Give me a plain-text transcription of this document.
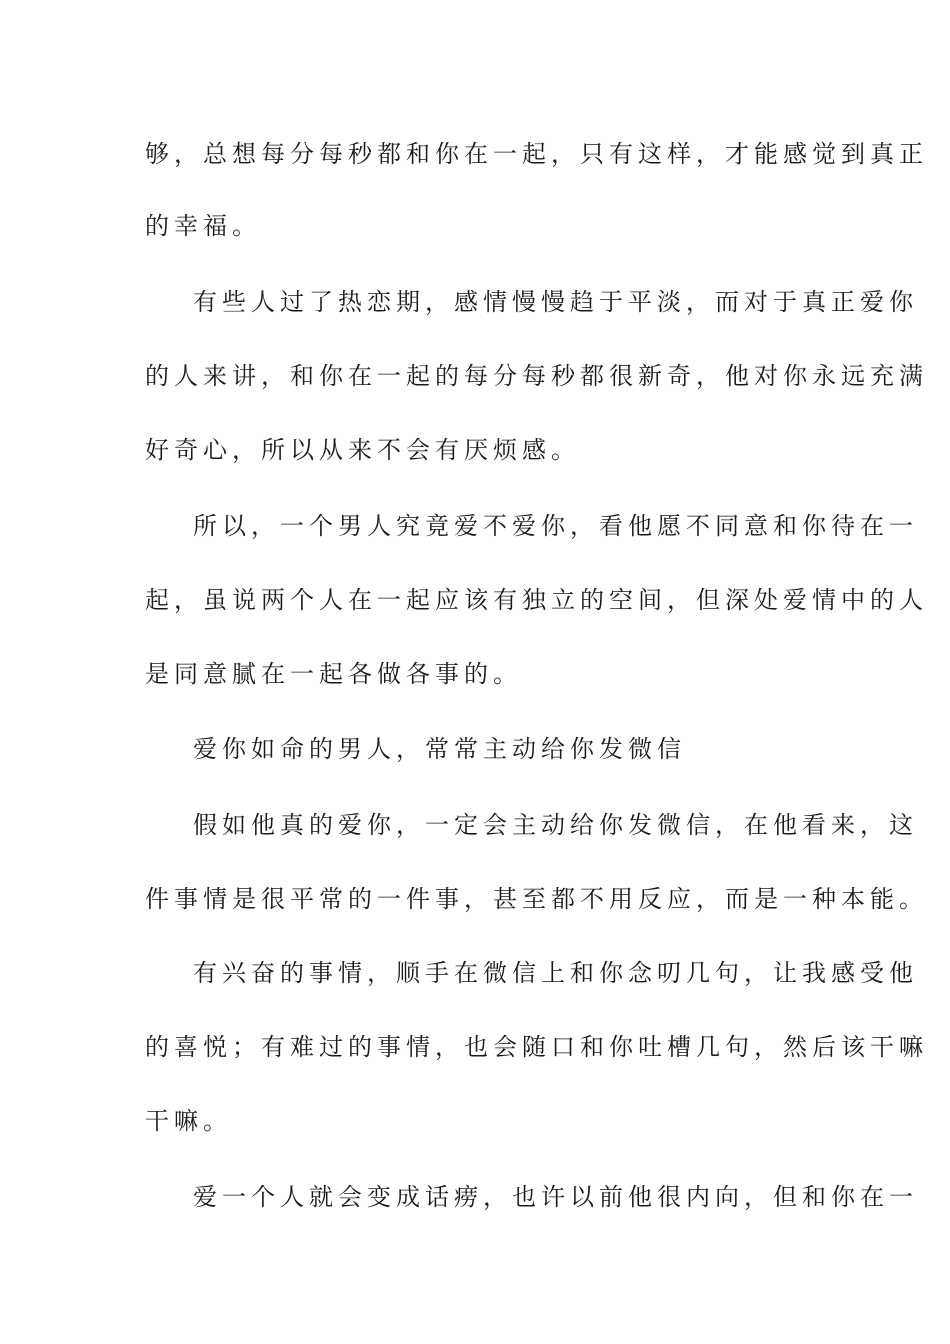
够，总想每分每秒都和你在一起，只有这样，才能感觉到真正
的幸福。
有些人过了热恋期，感情慢慢趋于平淡，而对于真正爱你
的人来讲，和你在一起的每分每秒都很新奇，他对你永远充满
好奇心，所以从来不会有厌烦感。
所以，一个男人究竟爱不爱你，看他愿不同意和你待在一
起，虽说两个人在一起应该有独立的空间，但深处爱情中的人
是同意腻在一起各做各事的。
爱你如命的男人，常常主动给你发微信
假如他真的爱你，一定会主动给你发微信，在他看来，这
件事情是很平常的一件事，甚至都不用反应，而是一种本能。
有兴奋的事情，顺手在微信上和你念叨几句，让我感受他
的喜悦；有难过的事情，也会随口和你吐槽几句，然后该干嘛
干嘛。
爱一个人就会变成话痨，也许以前他很内向，但和你在一
